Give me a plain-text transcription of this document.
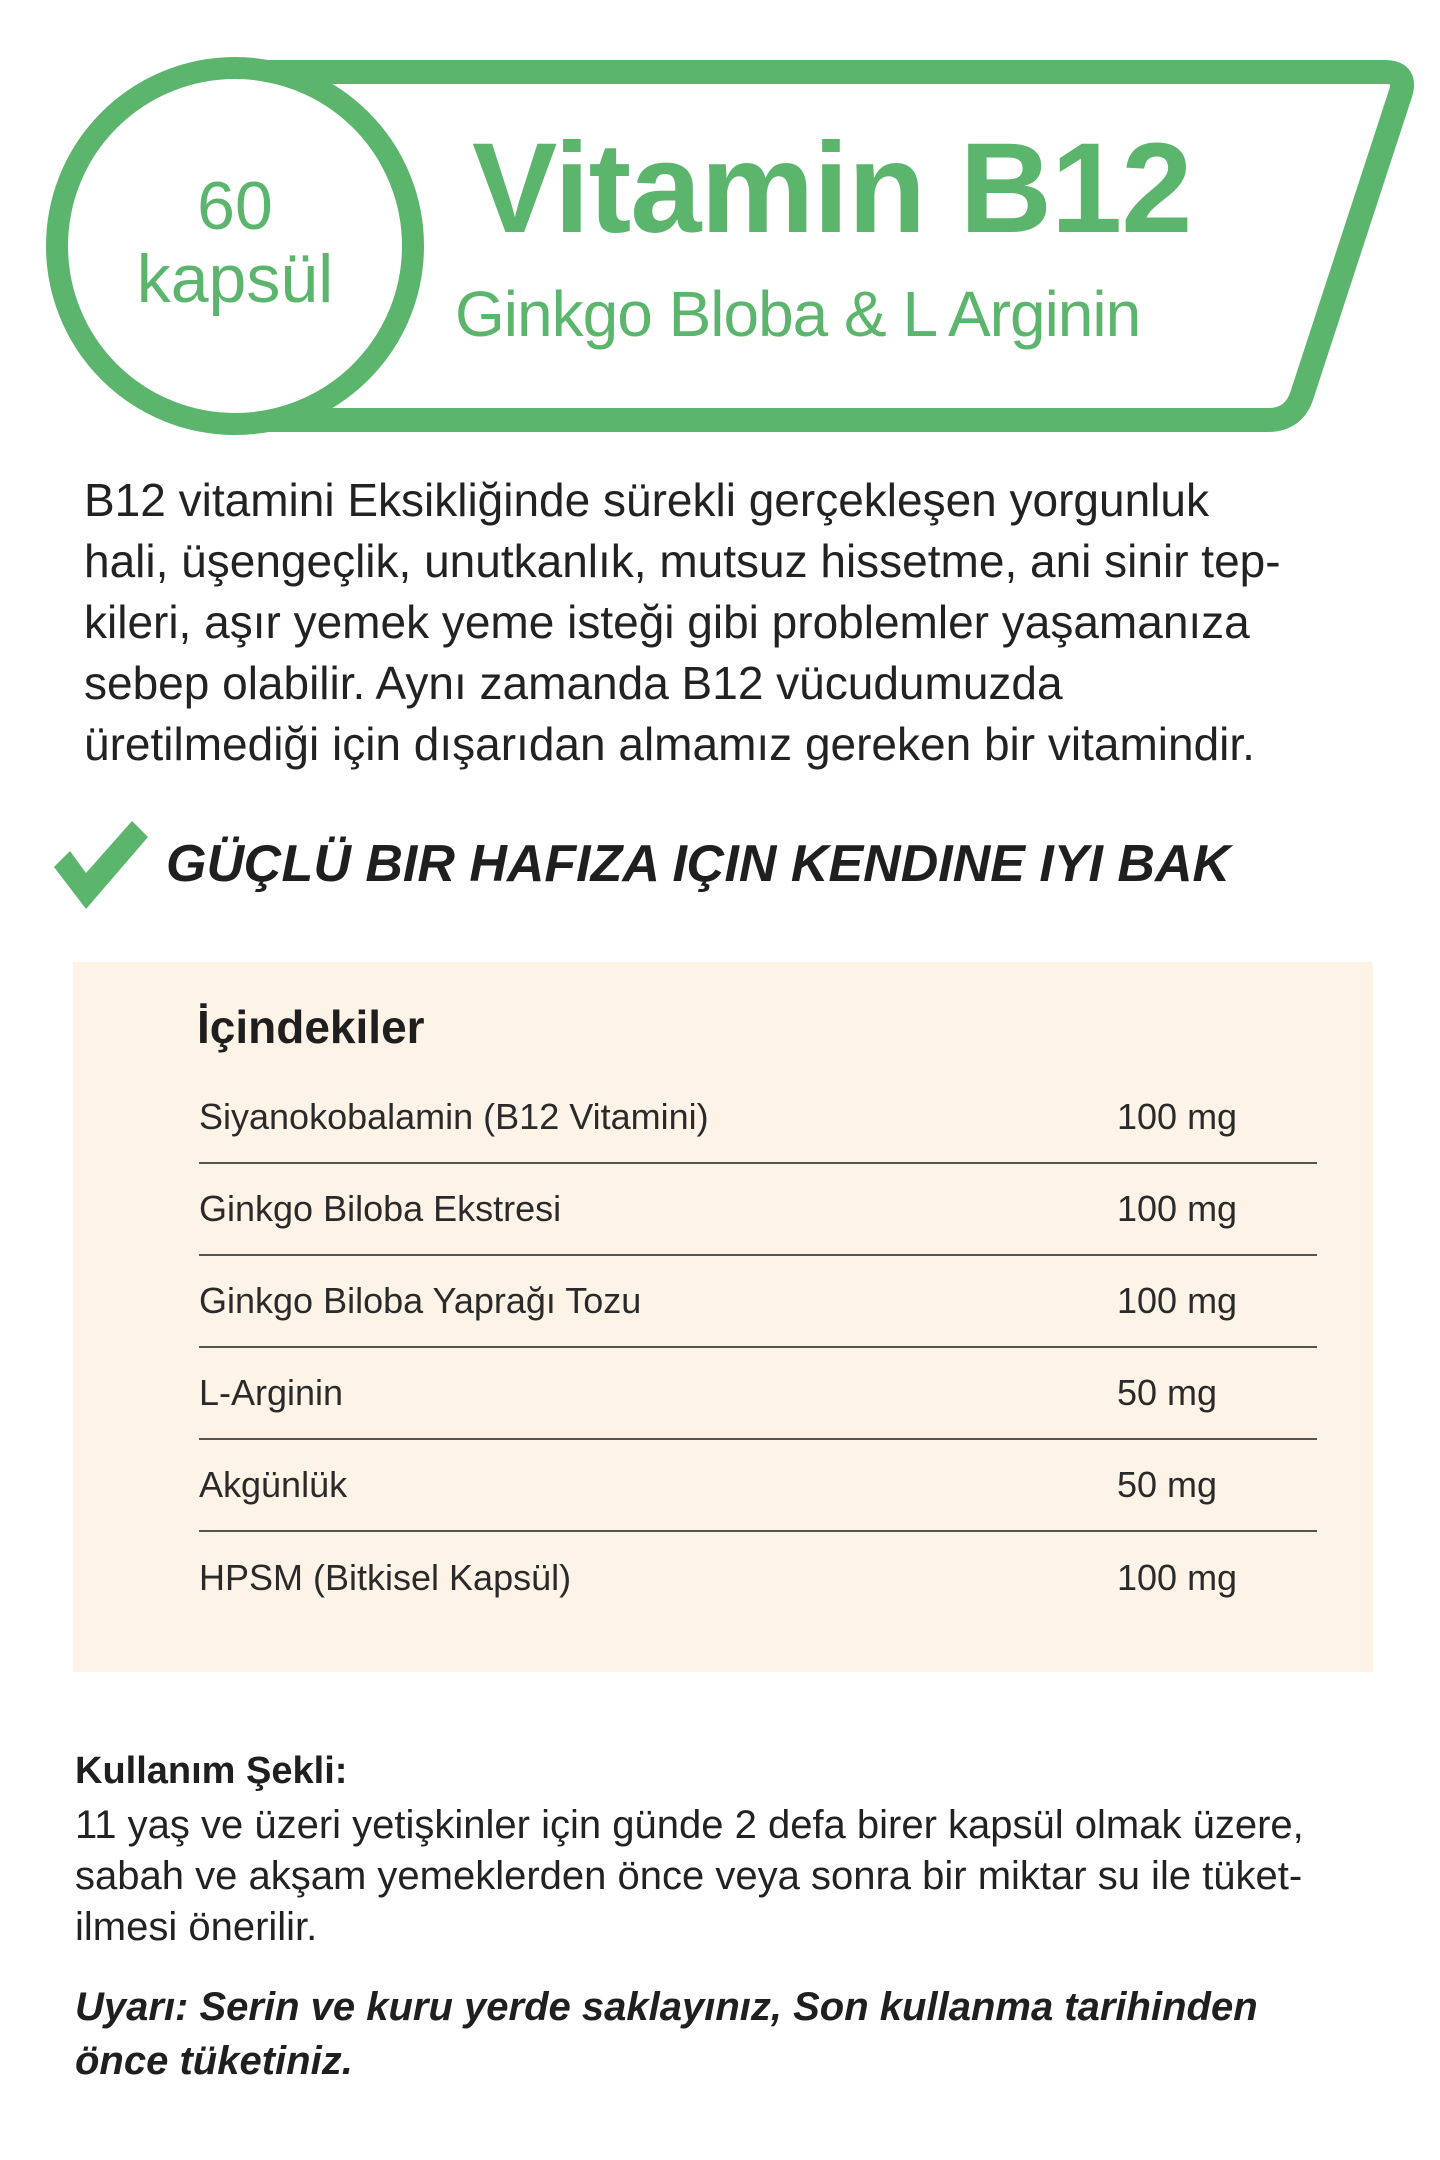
60
kapsül
Vitamin B12
Ginkgo Bloba & L Arginin

B12 vitamini Eksikliğinde sürekli gerçekleşen yorgunluk
hali, üşengeçlik, unutkanlık, mutsuz hissetme, ani sinir tep-
kileri, aşır yemek yeme isteği gibi problemler yaşamanıza
sebep olabilir. Aynı zamanda B12 vücudumuzda
üretilmediği için dışarıdan almamız gereken bir vitamindir.

GÜÇLÜ BIR HAFIZA IÇIN KENDINE IYI BAK
İçindekiler
Siyanokobalamin (B12 Vitamini)	100 mg
Ginkgo Biloba Ekstresi	100 mg
Ginkgo Biloba Yaprağı Tozu	100 mg
L-Arginin	50 mg
Akgünlük	50 mg
HPSM (Bitkisel Kapsül)	100 mg
Kullanım Şekli:

11 yaş ve üzeri yetişkinler için günde 2 defa birer kapsül olmak üzere,
sabah ve akşam yemeklerden önce veya sonra bir miktar su ile tüket-
ilmesi önerilir.

Uyarı: Serin ve kuru yerde saklayınız, Son kullanma tarihinden
önce tüketiniz.
